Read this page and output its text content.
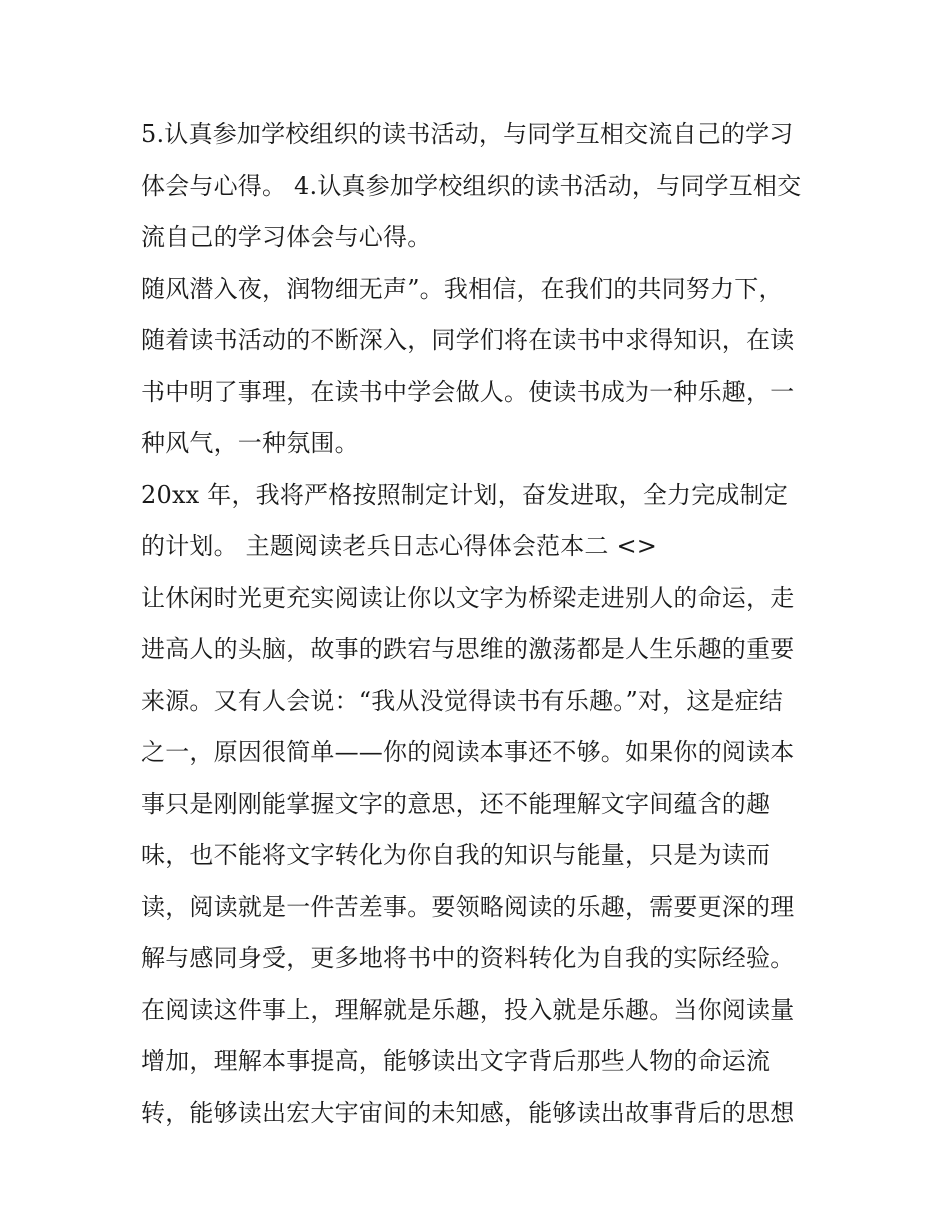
5.认真参加学校组织的读书活动，与同学互相交流自己的学习
体会与心得。 4.认真参加学校组织的读书活动，与同学互相交
流自己的学习体会与心得。
随风潜入夜，润物细无声”。我相信，在我们的共同努力下，
随着读书活动的不断深入，同学们将在读书中求得知识，在读
书中明了事理，在读书中学会做人。使读书成为一种乐趣，一
种风气，一种氛围。
20xx 年，我将严格按照制定计划，奋发进取，全力完成制定
的计划。 主题阅读老兵日志心得体会范本二 <>
让休闲时光更充实阅读让你以文字为桥梁走进别人的命运，走
进高人的头脑，故事的跌宕与思维的激荡都是人生乐趣的重要
来源。又有人会说：“我从没觉得读书有乐趣。”对，这是症结
之一，原因很简单——你的阅读本事还不够。如果你的阅读本
事只是刚刚能掌握文字的意思，还不能理解文字间蕴含的趣
味，也不能将文字转化为你自我的知识与能量，只是为读而
读，阅读就是一件苦差事。要领略阅读的乐趣，需要更深的理
解与感同身受，更多地将书中的资料转化为自我的实际经验。
在阅读这件事上，理解就是乐趣，投入就是乐趣。当你阅读量
增加，理解本事提高，能够读出文字背后那些人物的命运流
转，能够读出宏大宇宙间的未知感，能够读出故事背后的思想
